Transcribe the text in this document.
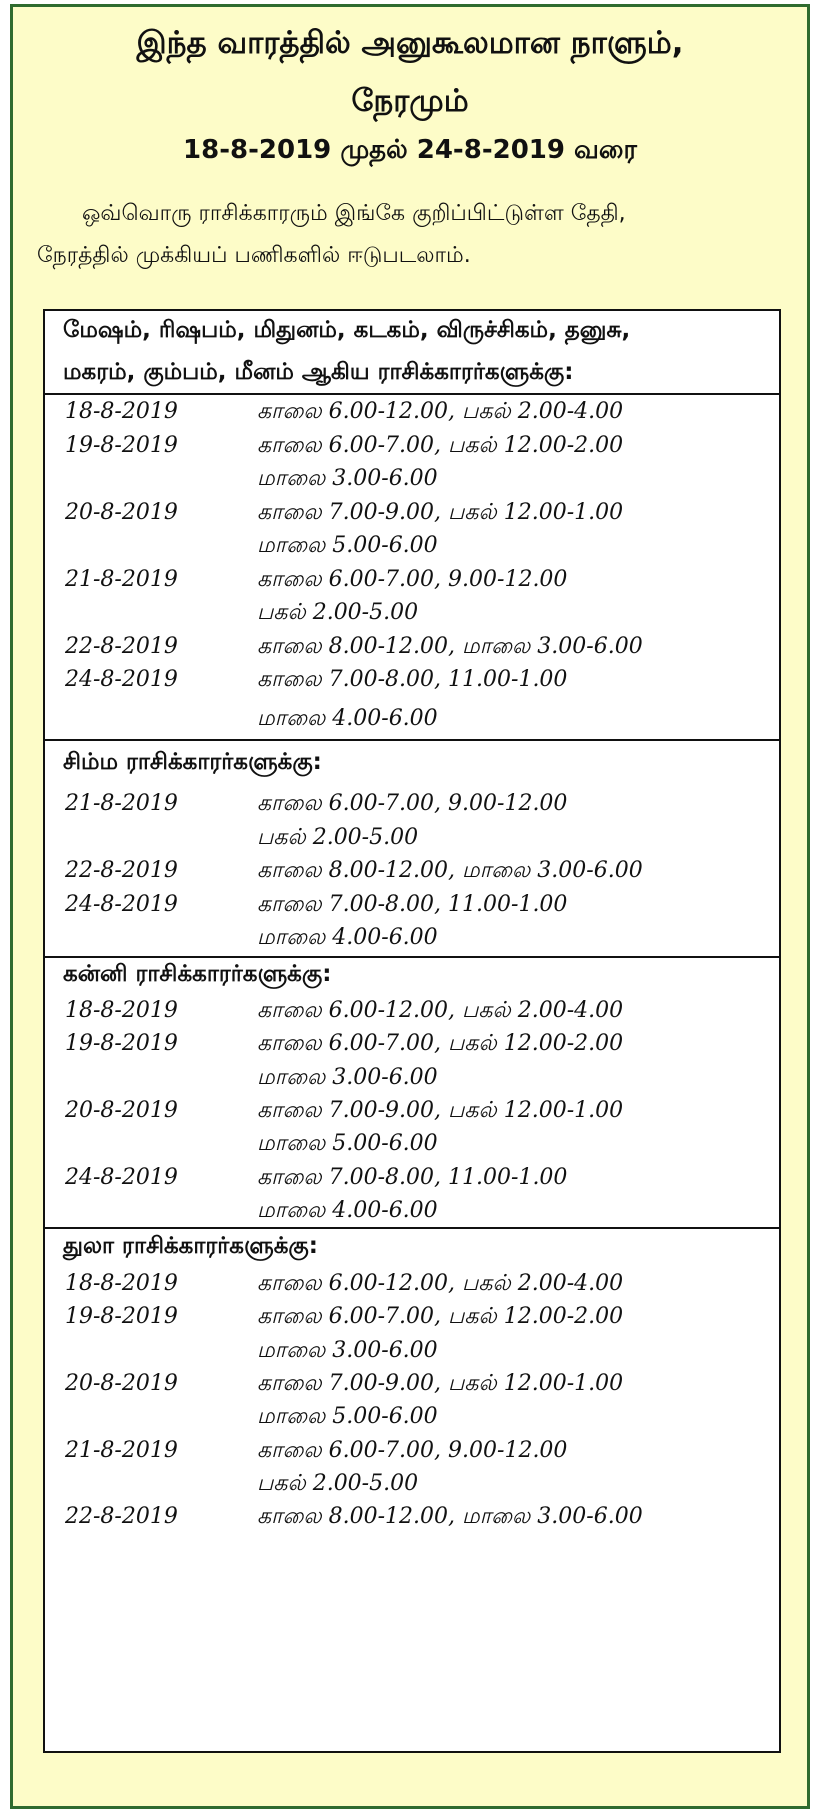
இந்த வாரத்தில் அனுகூலமான நாளும்,
நேரமும்
18-8-2019 முதல் 24-8-2019 வரை
ஒவ்வொரு ராசிக்காரரும் இங்கே குறிப்பிட்டுள்ள தேதி,
நேரத்தில் முக்கியப் பணிகளில் ஈடுபடலாம்.
மேஷம், ரிஷபம், மிதுனம், கடகம், விருச்சிகம், தனுசு,
மகரம், கும்பம், மீனம் ஆகிய ராசிக்காரர்களுக்கு:
18-8-2019	காலை 6.00-12.00, பகல் 2.00-4.00
19-8-2019	காலை 6.00-7.00, பகல் 12.00-2.00
மாலை 3.00-6.00
20-8-2019	காலை 7.00-9.00, பகல் 12.00-1.00
மாலை 5.00-6.00
21-8-2019	காலை 6.00-7.00, 9.00-12.00
பகல் 2.00-5.00
22-8-2019	காலை 8.00-12.00, மாலை 3.00-6.00
24-8-2019	காலை 7.00-8.00, 11.00-1.00
மாலை 4.00-6.00
சிம்ம ராசிக்காரர்களுக்கு:
21-8-2019	காலை 6.00-7.00, 9.00-12.00
பகல் 2.00-5.00
22-8-2019	காலை 8.00-12.00, மாலை 3.00-6.00
24-8-2019	காலை 7.00-8.00, 11.00-1.00
மாலை 4.00-6.00
கன்னி ராசிக்காரர்களுக்கு:
18-8-2019	காலை 6.00-12.00, பகல் 2.00-4.00
19-8-2019	காலை 6.00-7.00, பகல் 12.00-2.00
மாலை 3.00-6.00
20-8-2019	காலை 7.00-9.00, பகல் 12.00-1.00
மாலை 5.00-6.00
24-8-2019	காலை 7.00-8.00, 11.00-1.00
மாலை 4.00-6.00
துலா ராசிக்காரர்களுக்கு:
18-8-2019	காலை 6.00-12.00, பகல் 2.00-4.00
19-8-2019	காலை 6.00-7.00, பகல் 12.00-2.00
மாலை 3.00-6.00
20-8-2019	காலை 7.00-9.00, பகல் 12.00-1.00
மாலை 5.00-6.00
21-8-2019	காலை 6.00-7.00, 9.00-12.00
பகல் 2.00-5.00
22-8-2019	காலை 8.00-12.00, மாலை 3.00-6.00
